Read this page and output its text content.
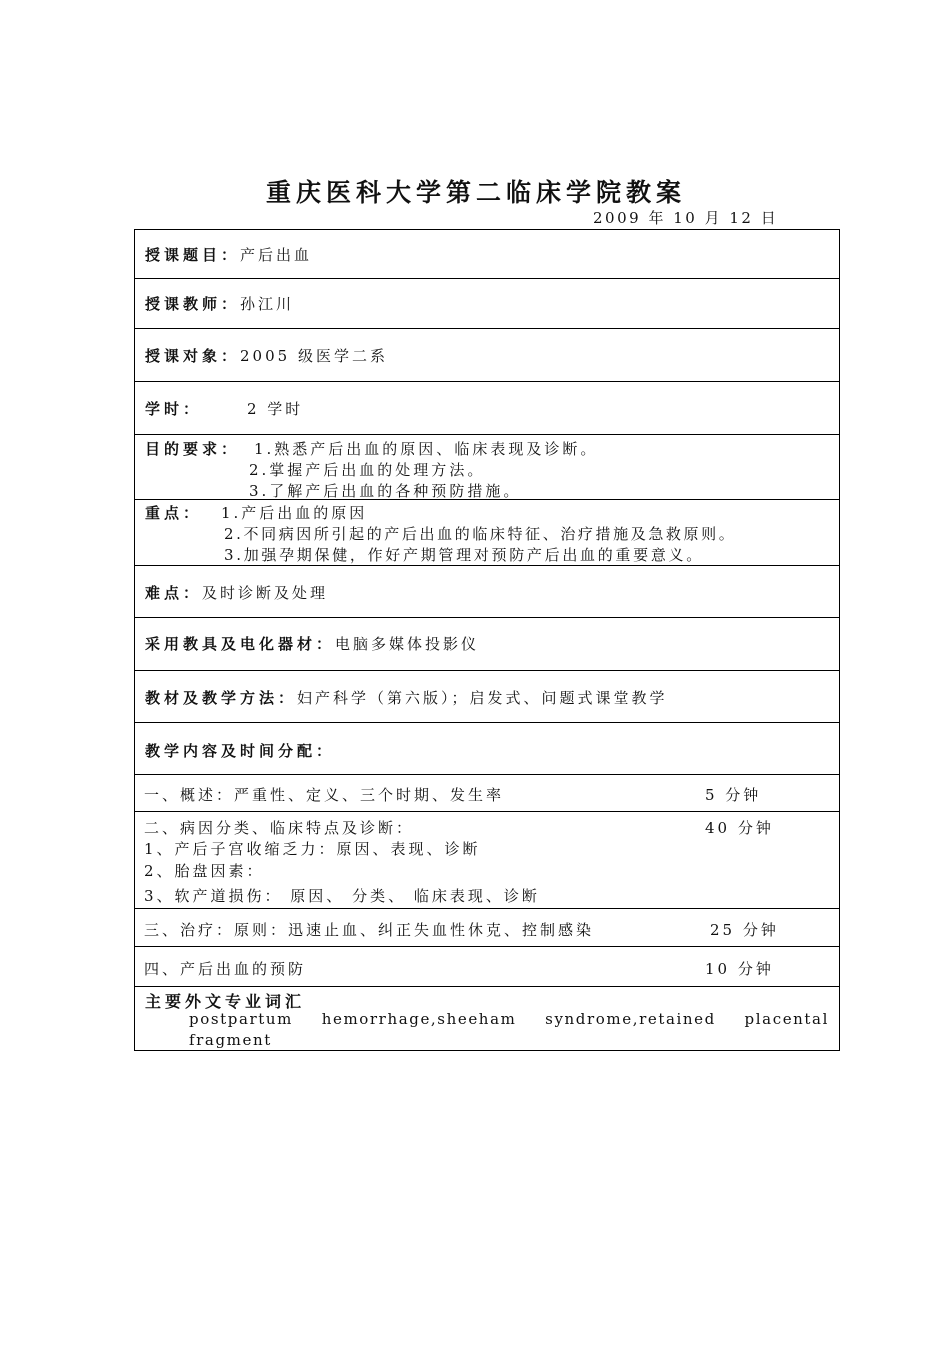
重庆医科大学第二临床学院教案
2009 年 10 月 12 日
授课题目：产后出血
授课教师：孙江川
授课对象：2005 级医学二系
学时：	2 学时
目的要求： 1.熟悉产后出血的原因、临床表现及诊断。
2.掌握产后出血的处理方法。
3.了解产后出血的各种预防措施。
重点： 1.产后出血的原因
2.不同病因所引起的产后出血的临床特征、治疗措施及急救原则。
3.加强孕期保健，作好产期管理对预防产后出血的重要意义。
难点：及时诊断及处理
采用教具及电化器材：电脑多媒体投影仪
教材及教学方法：妇产科学（第六版）；启发式、问题式课堂教学
教学内容及时间分配：
一、概述：严重性、定义、三个时期、发生率	5 分钟
二、病因分类、临床特点及诊断：	40 分钟
1、产后子宫收缩乏力：原因、表现、诊断
2、胎盘因素：
3、软产道损伤： 原因、 分类、 临床表现、诊断
三、治疗：原则：迅速止血、纠正失血性休克、控制感染	25 分钟
四、产后出血的预防	10 分钟
主要外文专业词汇
postpartum hemorrhage,sheeham syndrome,retained placental fragment
